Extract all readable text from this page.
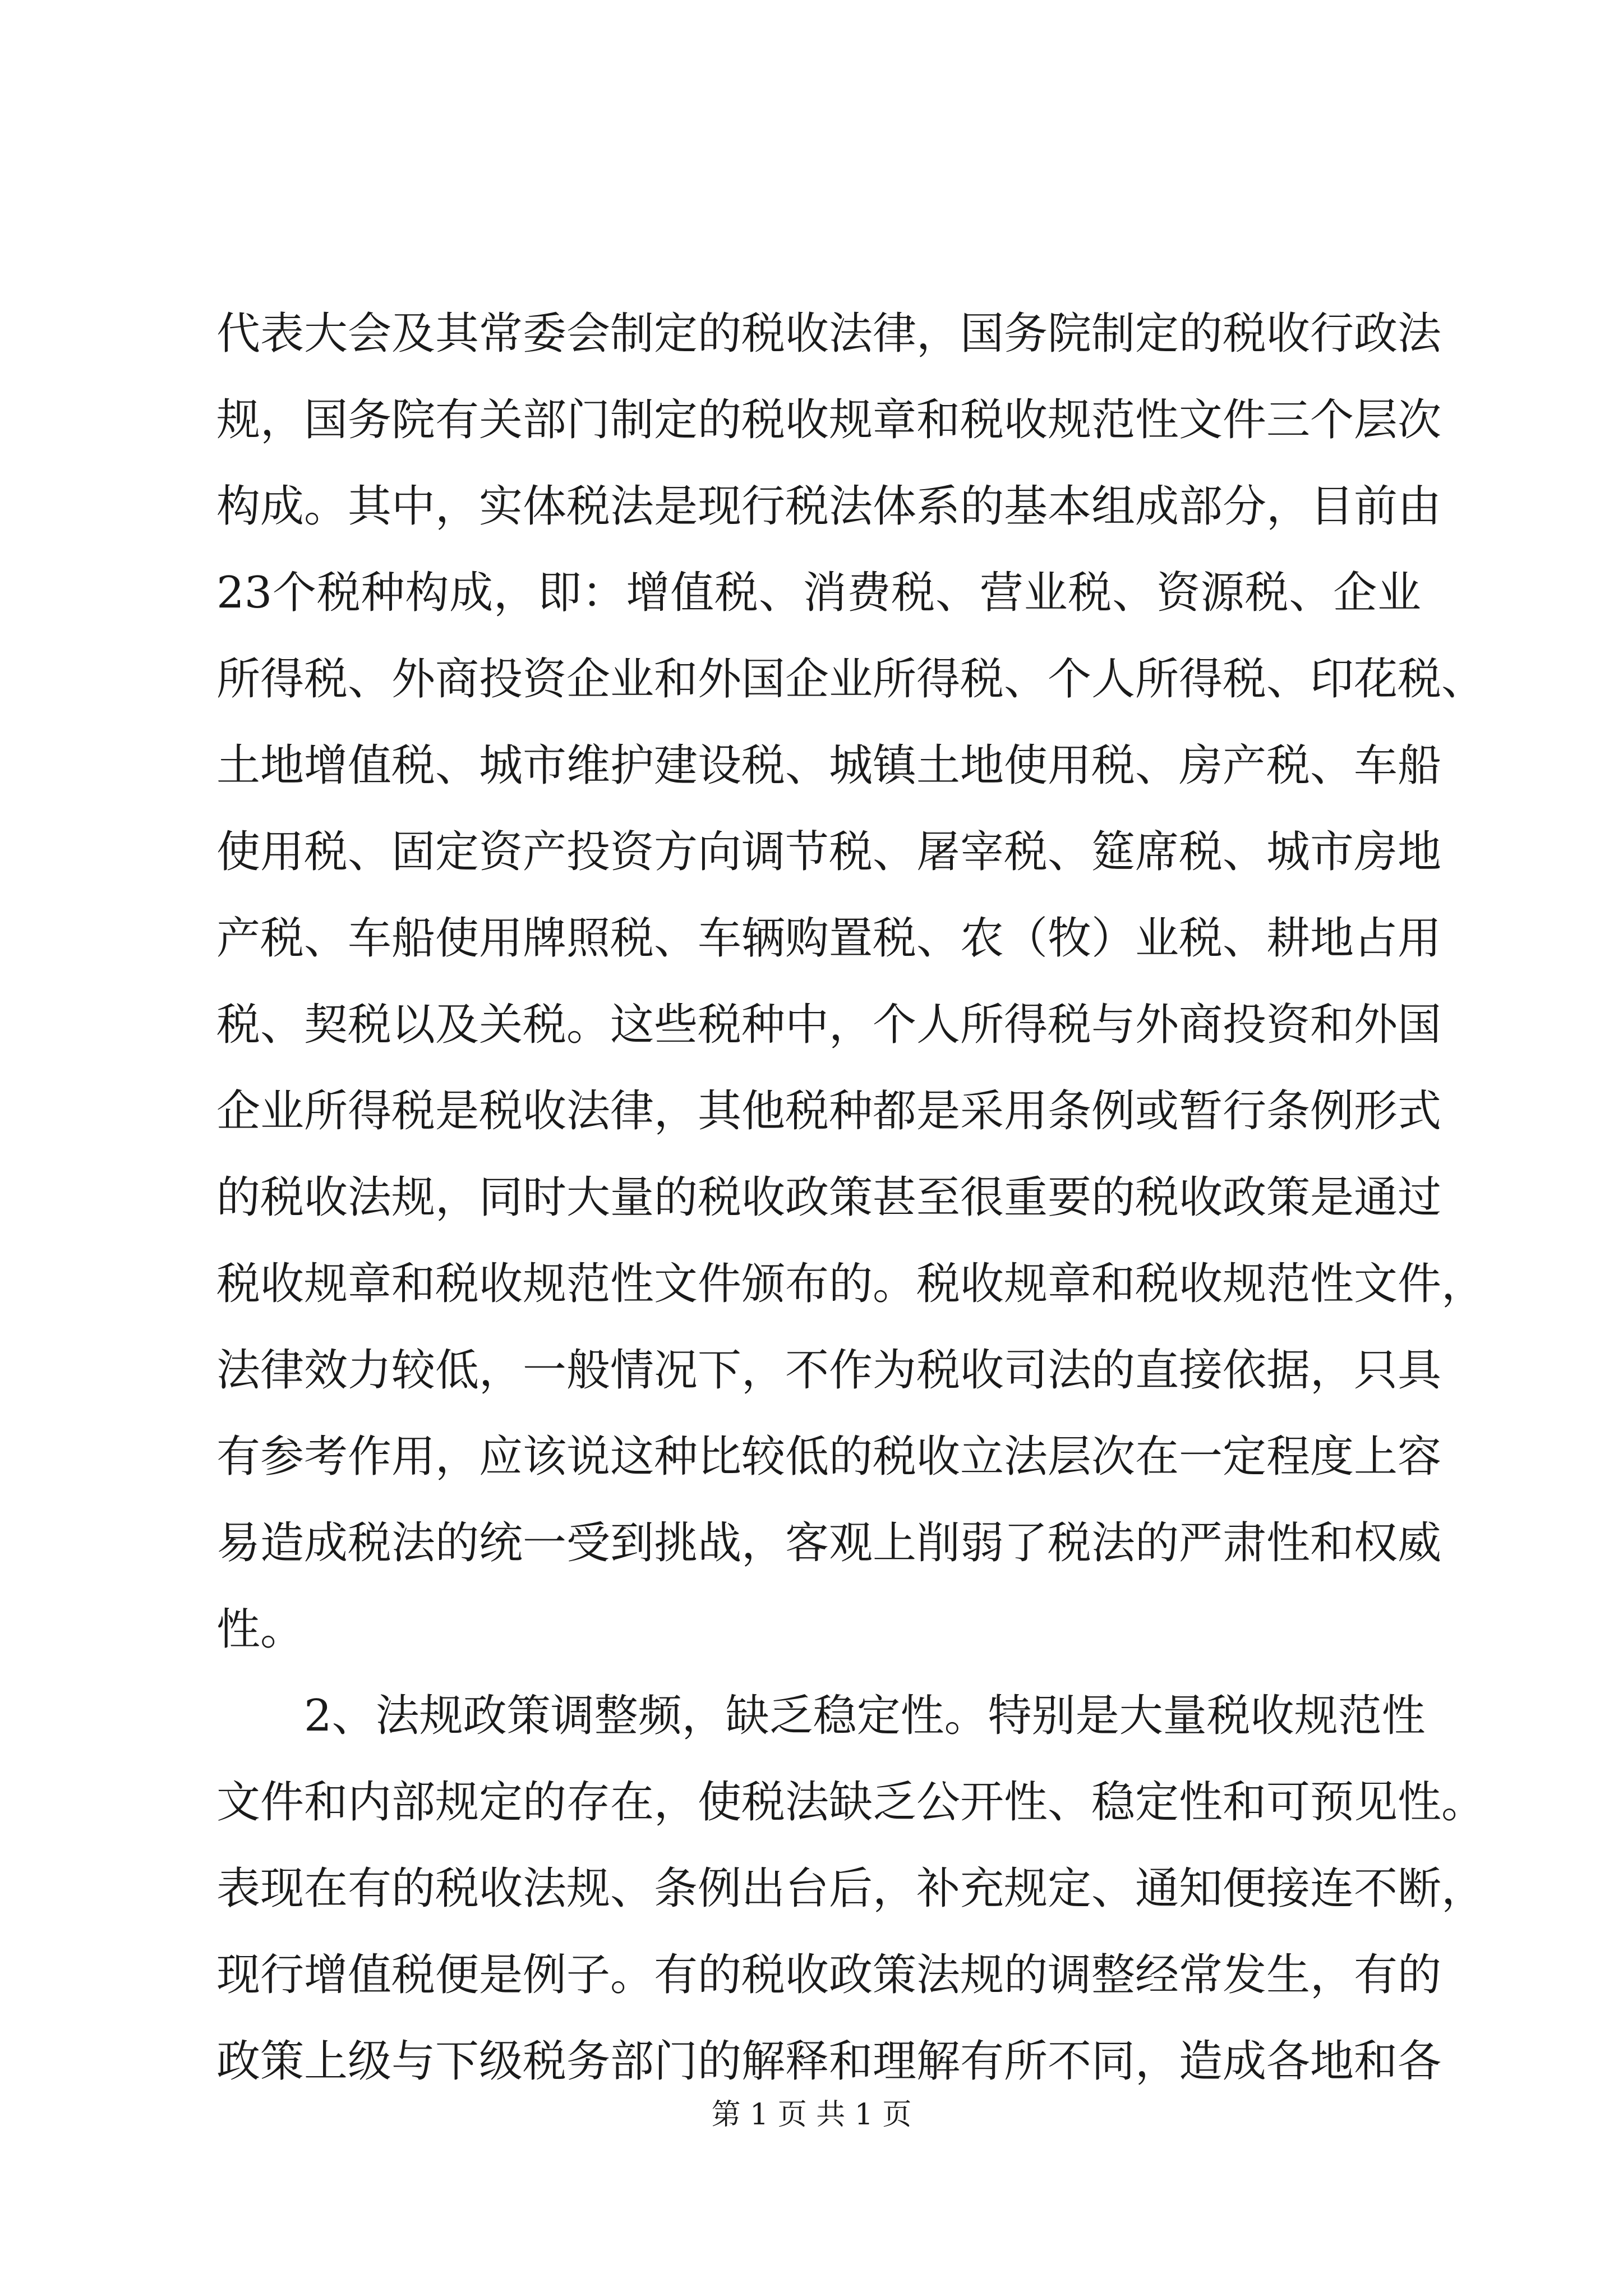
代表大会及其常委会制定的税收法律，国务院制定的税收行政法
规，国务院有关部门制定的税收规章和税收规范性文件三个层次
构成。其中，实体税法是现行税法体系的基本组成部分，目前由
23个税种构成，即：增值税、消费税、营业税、资源税、企业
所得税、外商投资企业和外国企业所得税、个人所得税、印花税、
土地增值税、城市维护建设税、城镇土地使用税、房产税、车船
使用税、固定资产投资方向调节税、屠宰税、筵席税、城市房地
产税、车船使用牌照税、车辆购置税、农（牧）业税、耕地占用
税、契税以及关税。这些税种中，个人所得税与外商投资和外国
企业所得税是税收法律，其他税种都是采用条例或暂行条例形式
的税收法规，同时大量的税收政策甚至很重要的税收政策是通过
税收规章和税收规范性文件颁布的。税收规章和税收规范性文件，
法律效力较低，一般情况下，不作为税收司法的直接依据，只具
有参考作用，应该说这种比较低的税收立法层次在一定程度上容
易造成税法的统一受到挑战，客观上削弱了税法的严肃性和权威
性。
2、法规政策调整频，缺乏稳定性。特别是大量税收规范性
文件和内部规定的存在，使税法缺乏公开性、稳定性和可预见性。
表现在有的税收法规、条例出台后，补充规定、通知便接连不断，
现行增值税便是例子。有的税收政策法规的调整经常发生，有的
政策上级与下级税务部门的解释和理解有所不同，造成各地和各
第 1 页 共 1 页
